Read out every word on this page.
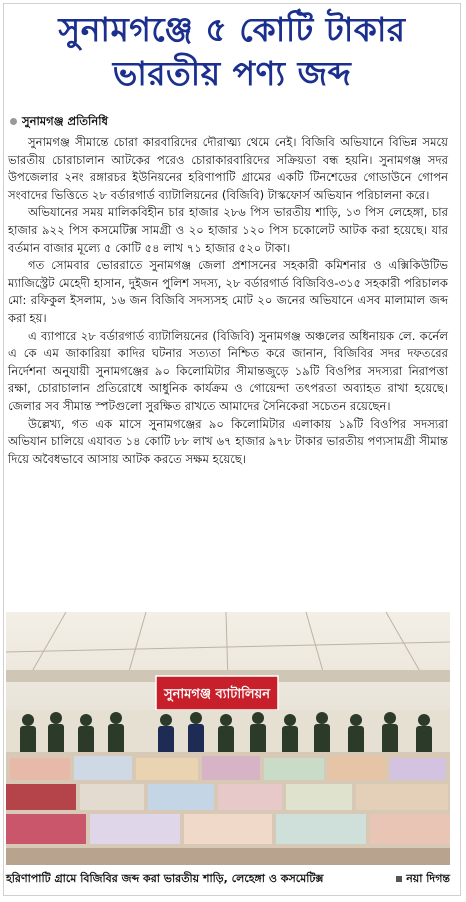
সুনামগঞ্জে ৫ কোটি টাকার
ভারতীয় পণ্য জব্দ
সুনামগঞ্জ প্রতিনিধি

সুনামগঞ্জ সীমান্তে চোরা কারবারিদের দৌরাত্ম্য থেমে নেই। বিজিবি অভিযানে বিভিন্ন সময়ে ভারতীয় চোরাচালান আটকের পরেও চোরাকারবারিদের সক্রিয়তা বন্ধ হয়নি। সুনামগঞ্জ সদর উপজেলার ২নং রঙ্গারচর ইউনিয়নের হরিণাপাটি গ্রামের একটি টিনশেডের গোডাউনে গোপন সংবাদের ভিত্তিতে ২৮ বর্ডারগার্ড ব্যাটালিয়নের (বিজিবি) টাস্কফোর্স অভিযান পরিচালনা করে।

অভিযানের সময় মালিকবিহীন চার হাজার ২৮৬ পিস ভারতীয় শাড়ি, ১৩ পিস লেহেঙ্গা, চার হাজার ৯২২ পিস কসমেটিক্স সামগ্রী ও ২০ হাজার ১২০ পিস চকোলেট আটক করা হয়েছে। যার বর্তমান বাজার মূল্যে ৫ কোটি ৫৪ লাখ ৭১ হাজার ৫২০ টাকা।

গত সোমবার ভোররাতে সুনামগঞ্জ জেলা প্রশাসনের সহকারী কমিশনার ও এক্সিকিউটিভ ম্যাজিস্ট্রেট মেহেদী হাসান, দুইজন পুলিশ সদস্য, ২৮ বর্ডারগার্ড বিজিবিও-৩১৫ সহকারী পরিচালক মো: রফিকুল ইসলাম, ১৬ জন বিজিবি সদস্যসহ মোট ২০ জনের অভিযানে এসব মালামাল জব্দ করা হয়।

এ ব্যাপারে ২৮ বর্ডারগার্ড ব্যাটালিয়নের (বিজিবি) সুনামগঞ্জ অঞ্চলের অধিনায়ক লে. কর্নেল এ কে এম জাকারিয়া কাদির ঘটনার সত্যতা নিশ্চিত করে জানান, বিজিবির সদর দফতরের নির্দেশনা অনুযায়ী সুনামগঞ্জের ৯০ কিলোমিটার সীমান্তজুড়ে ১৯টি বিওপির সদস্যরা নিরাপত্তা রক্ষা, চোরাচালান প্রতিরোধে আধুনিক কার্যক্রম ও গোয়েন্দা তৎপরতা অব্যাহত রাখা হয়েছে। জেলার সব সীমান্ত স্পটগুলো সুরক্ষিত রাখতে আমাদের সৈনিকেরা সচেতন রয়েছেন।

উল্লেখ্য, গত এক মাসে সুনামগঞ্জের ৯০ কিলোমিটার এলাকায় ১৯টি বিওপির সদস্যরা অভিযান চালিয়ে এযাবত ১৪ কোটি ৮৮ লাখ ৬৭ হাজার ৯৭৮ টাকার ভারতীয় পণ্যসামগ্রী সীমান্ত দিয়ে অবৈধভাবে আসায় আটক করতে সক্ষম হয়েছে।

সুনামগঞ্জ ব্যাটালিয়ন
হরিণাপাটি গ্রামে বিজিবির জব্দ করা ভারতীয় শাড়ি, লেহেঙ্গা ও কসমেটিক্স	নয়া দিগন্ত
